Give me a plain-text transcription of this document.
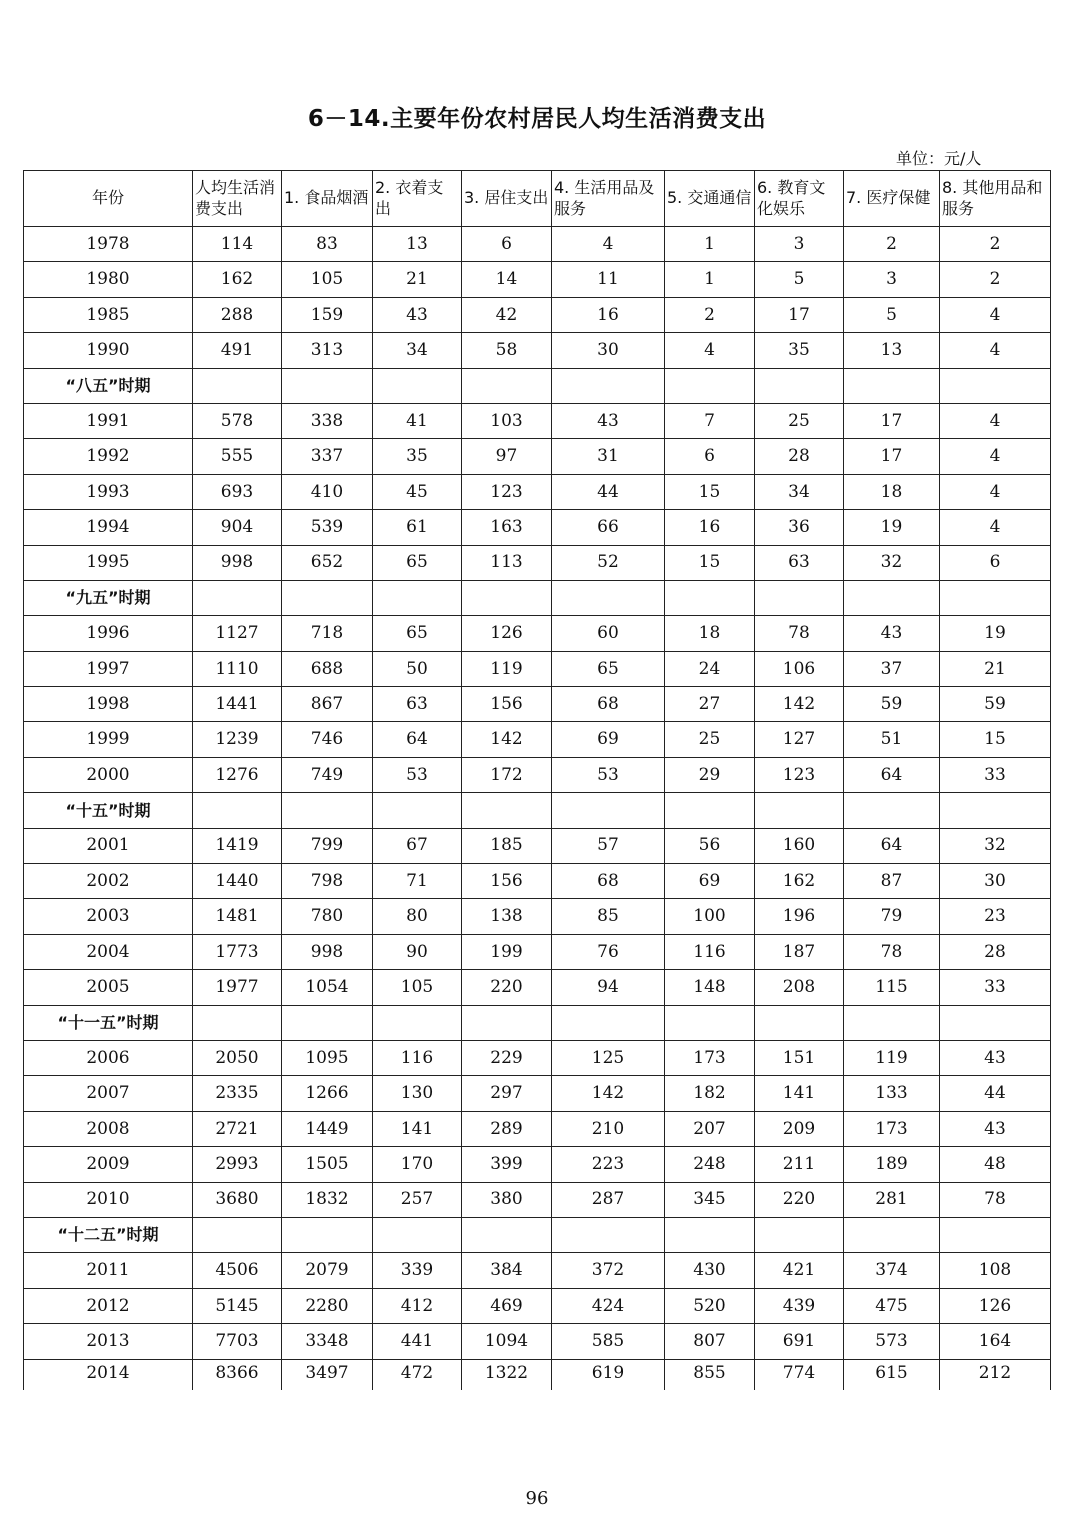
6－14.主要年份农村居民人均生活消费支出
单位：元/人
年份	人均生活消费支出	1. 食品烟酒	2. 衣着支出	3. 居住支出	4. 生活用品及服务	5. 交通通信	6. 教育文化娱乐	7. 医疗保健	8. 其他用品和服务
1978	114	83	13	6	4	1	3	2	2
1980	162	105	21	14	11	1	5	3	2
1985	288	159	43	42	16	2	17	5	4
1990	491	313	34	58	30	4	35	13	4
“八五”时期									
1991	578	338	41	103	43	7	25	17	4
1992	555	337	35	97	31	6	28	17	4
1993	693	410	45	123	44	15	34	18	4
1994	904	539	61	163	66	16	36	19	4
1995	998	652	65	113	52	15	63	32	6
“九五”时期									
1996	1127	718	65	126	60	18	78	43	19
1997	1110	688	50	119	65	24	106	37	21
1998	1441	867	63	156	68	27	142	59	59
1999	1239	746	64	142	69	25	127	51	15
2000	1276	749	53	172	53	29	123	64	33
“十五”时期									
2001	1419	799	67	185	57	56	160	64	32
2002	1440	798	71	156	68	69	162	87	30
2003	1481	780	80	138	85	100	196	79	23
2004	1773	998	90	199	76	116	187	78	28
2005	1977	1054	105	220	94	148	208	115	33
“十一五”时期									
2006	2050	1095	116	229	125	173	151	119	43
2007	2335	1266	130	297	142	182	141	133	44
2008	2721	1449	141	289	210	207	209	173	43
2009	2993	1505	170	399	223	248	211	189	48
2010	3680	1832	257	380	287	345	220	281	78
“十二五”时期									
2011	4506	2079	339	384	372	430	421	374	108
2012	5145	2280	412	469	424	520	439	475	126
2013	7703	3348	441	1094	585	807	691	573	164
2014	8366	3497	472	1322	619	855	774	615	212
96
